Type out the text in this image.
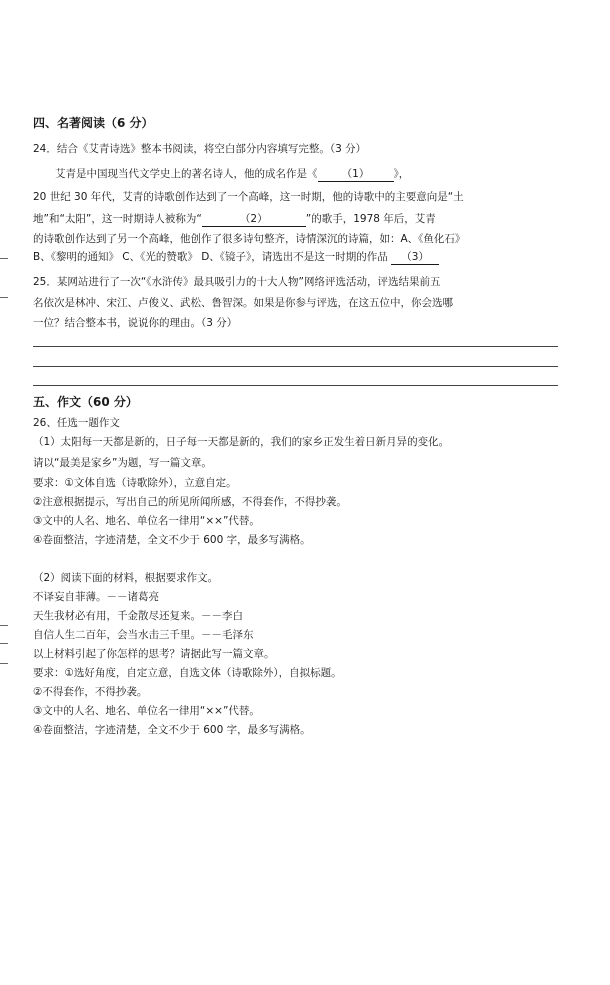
四、名著阅读（6 分）
24．结合《艾青诗选》整本书阅读，将空白部分内容填写完整。（3 分）
艾青是中国现当代文学史上的著名诗人，他的成名作是《 （1） 》，
20 世纪 30 年代，艾青的诗歌创作达到了一个高峰，这一时期，他的诗歌中的主要意向是“土
地”和“太阳”，这一时期诗人被称为“	（2）	”的歌手，1978 年后，艾青
的诗歌创作达到了另一个高峰，他创作了很多诗句整齐，诗情深沉的诗篇，如：A、《鱼化石》
B、《黎明的通知》 C、《光的赞歌》 D、《镜子》，请选出不是这一时期的作品 （3）
25．某网站进行了一次“《水浒传》最具吸引力的十大人物”网络评选活动，评选结果前五
名依次是林冲、宋江、卢俊义、武松、鲁智深。如果是你参与评选，在这五位中，你会选哪
一位？结合整本书，说说你的理由。（3 分）
五、作文（60 分）
26、任选一题作文
（1）太阳每一天都是新的，日子每一天都是新的，我们的家乡正发生着日新月异的变化。
请以“最美是家乡”为题，写一篇文章。
要求：①文体自选（诗歌除外），立意自定。
②注意根据提示，写出自己的所见所闻所感，不得套作，不得抄袭。
③文中的人名、地名、单位名一律用“××”代替。
④卷面整洁，字迹清楚，全文不少于 600 字，最多写满格。
（2）阅读下面的材料，根据要求作文。
不译妄自菲薄。－－诸葛亮
天生我材必有用，千金散尽还复来。－－李白
自信人生二百年，会当水击三千里。－－毛泽东
以上材料引起了你怎样的思考？请据此写一篇文章。
要求：①选好角度，自定立意，自选文体（诗歌除外），自拟标题。
②不得套作，不得抄袭。
③文中的人名、地名、单位名一律用“××”代替。
④卷面整洁，字迹清楚，全文不少于 600 字，最多写满格。
